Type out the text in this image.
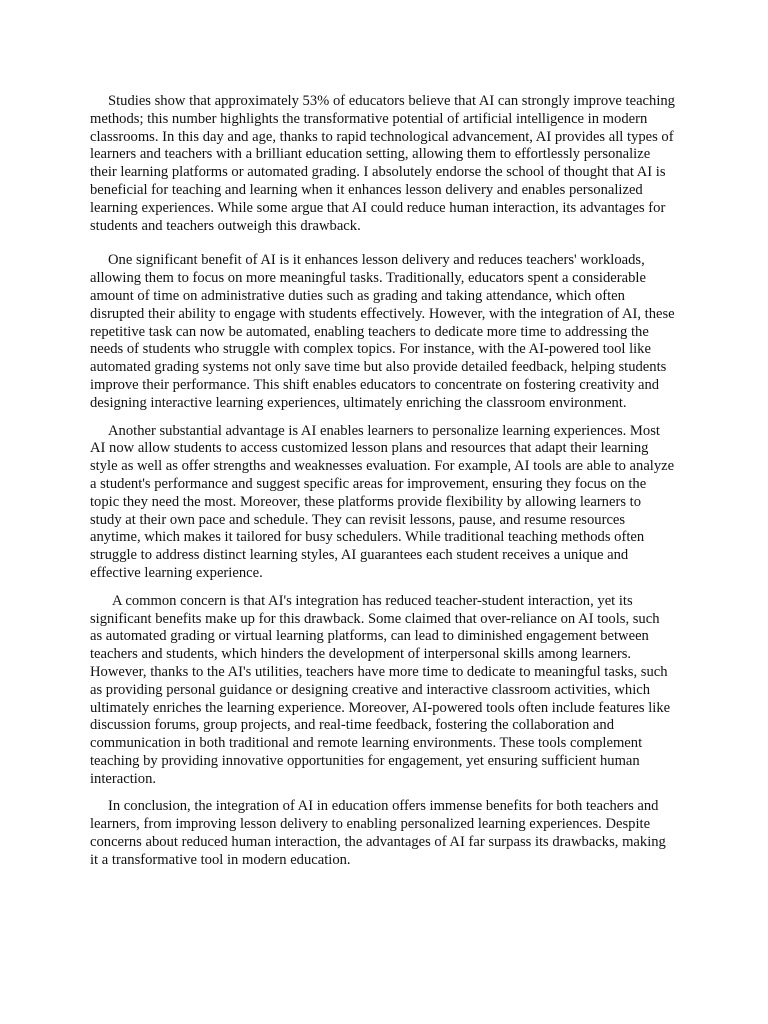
Studies show that approximately 53% of educators believe that AI can strongly improve teaching methods; this number highlights the transformative potential of artificial intelligence in modern classrooms. In this day and age, thanks to rapid technological advancement, AI provides all types of learners and teachers with a brilliant education setting, allowing them to effortlessly personalize their learning platforms or automated grading. I absolutely endorse the school of thought that AI is beneficial for teaching and learning when it enhances lesson delivery and enables personalized learning experiences. While some argue that AI could reduce human interaction, its advantages for students and teachers outweigh this drawback.

One significant benefit of AI is it enhances lesson delivery and reduces teachers' workloads, allowing them to focus on more meaningful tasks. Traditionally, educators spent a considerable amount of time on administrative duties such as grading and taking attendance, which often disrupted their ability to engage with students effectively. However, with the integration of AI, these repetitive task can now be automated, enabling teachers to dedicate more time to addressing the needs of students who struggle with complex topics. For instance, with the AI-powered tool like automated grading systems not only save time but also provide detailed feedback, helping students improve their performance. This shift enables educators to concentrate on fostering creativity and designing interactive learning experiences, ultimately enriching the classroom environment.

Another substantial advantage is AI enables learners to personalize learning experiences. Most AI now allow students to access customized lesson plans and resources that adapt their learning style as well as offer strengths and weaknesses evaluation. For example, AI tools are able to analyze a student's performance and suggest specific areas for improvement, ensuring they focus on the topic they need the most. Moreover, these platforms provide flexibility by allowing learners to study at their own pace and schedule. They can revisit lessons, pause, and resume resources anytime, which makes it tailored for busy schedulers. While traditional teaching methods often struggle to address distinct learning styles, AI guarantees each student receives a unique and effective learning experience.

A common concern is that AI's integration has reduced teacher-student interaction, yet its significant benefits make up for this drawback. Some claimed that over-reliance on AI tools, such as automated grading or virtual learning platforms, can lead to diminished engagement between teachers and students, which hinders the development of interpersonal skills among learners. However, thanks to the AI's utilities, teachers have more time to dedicate to meaningful tasks, such as providing personal guidance or designing creative and interactive classroom activities, which ultimately enriches the learning experience. Moreover, AI-powered tools often include features like discussion forums, group projects, and real-time feedback, fostering the collaboration and communication in both traditional and remote learning environments. These tools complement teaching by providing innovative opportunities for engagement, yet ensuring sufficient human interaction.

In conclusion, the integration of AI in education offers immense benefits for both teachers and learners, from improving lesson delivery to enabling personalized learning experiences. Despite concerns about reduced human interaction, the advantages of AI far surpass its drawbacks, making it a transformative tool in modern education.
